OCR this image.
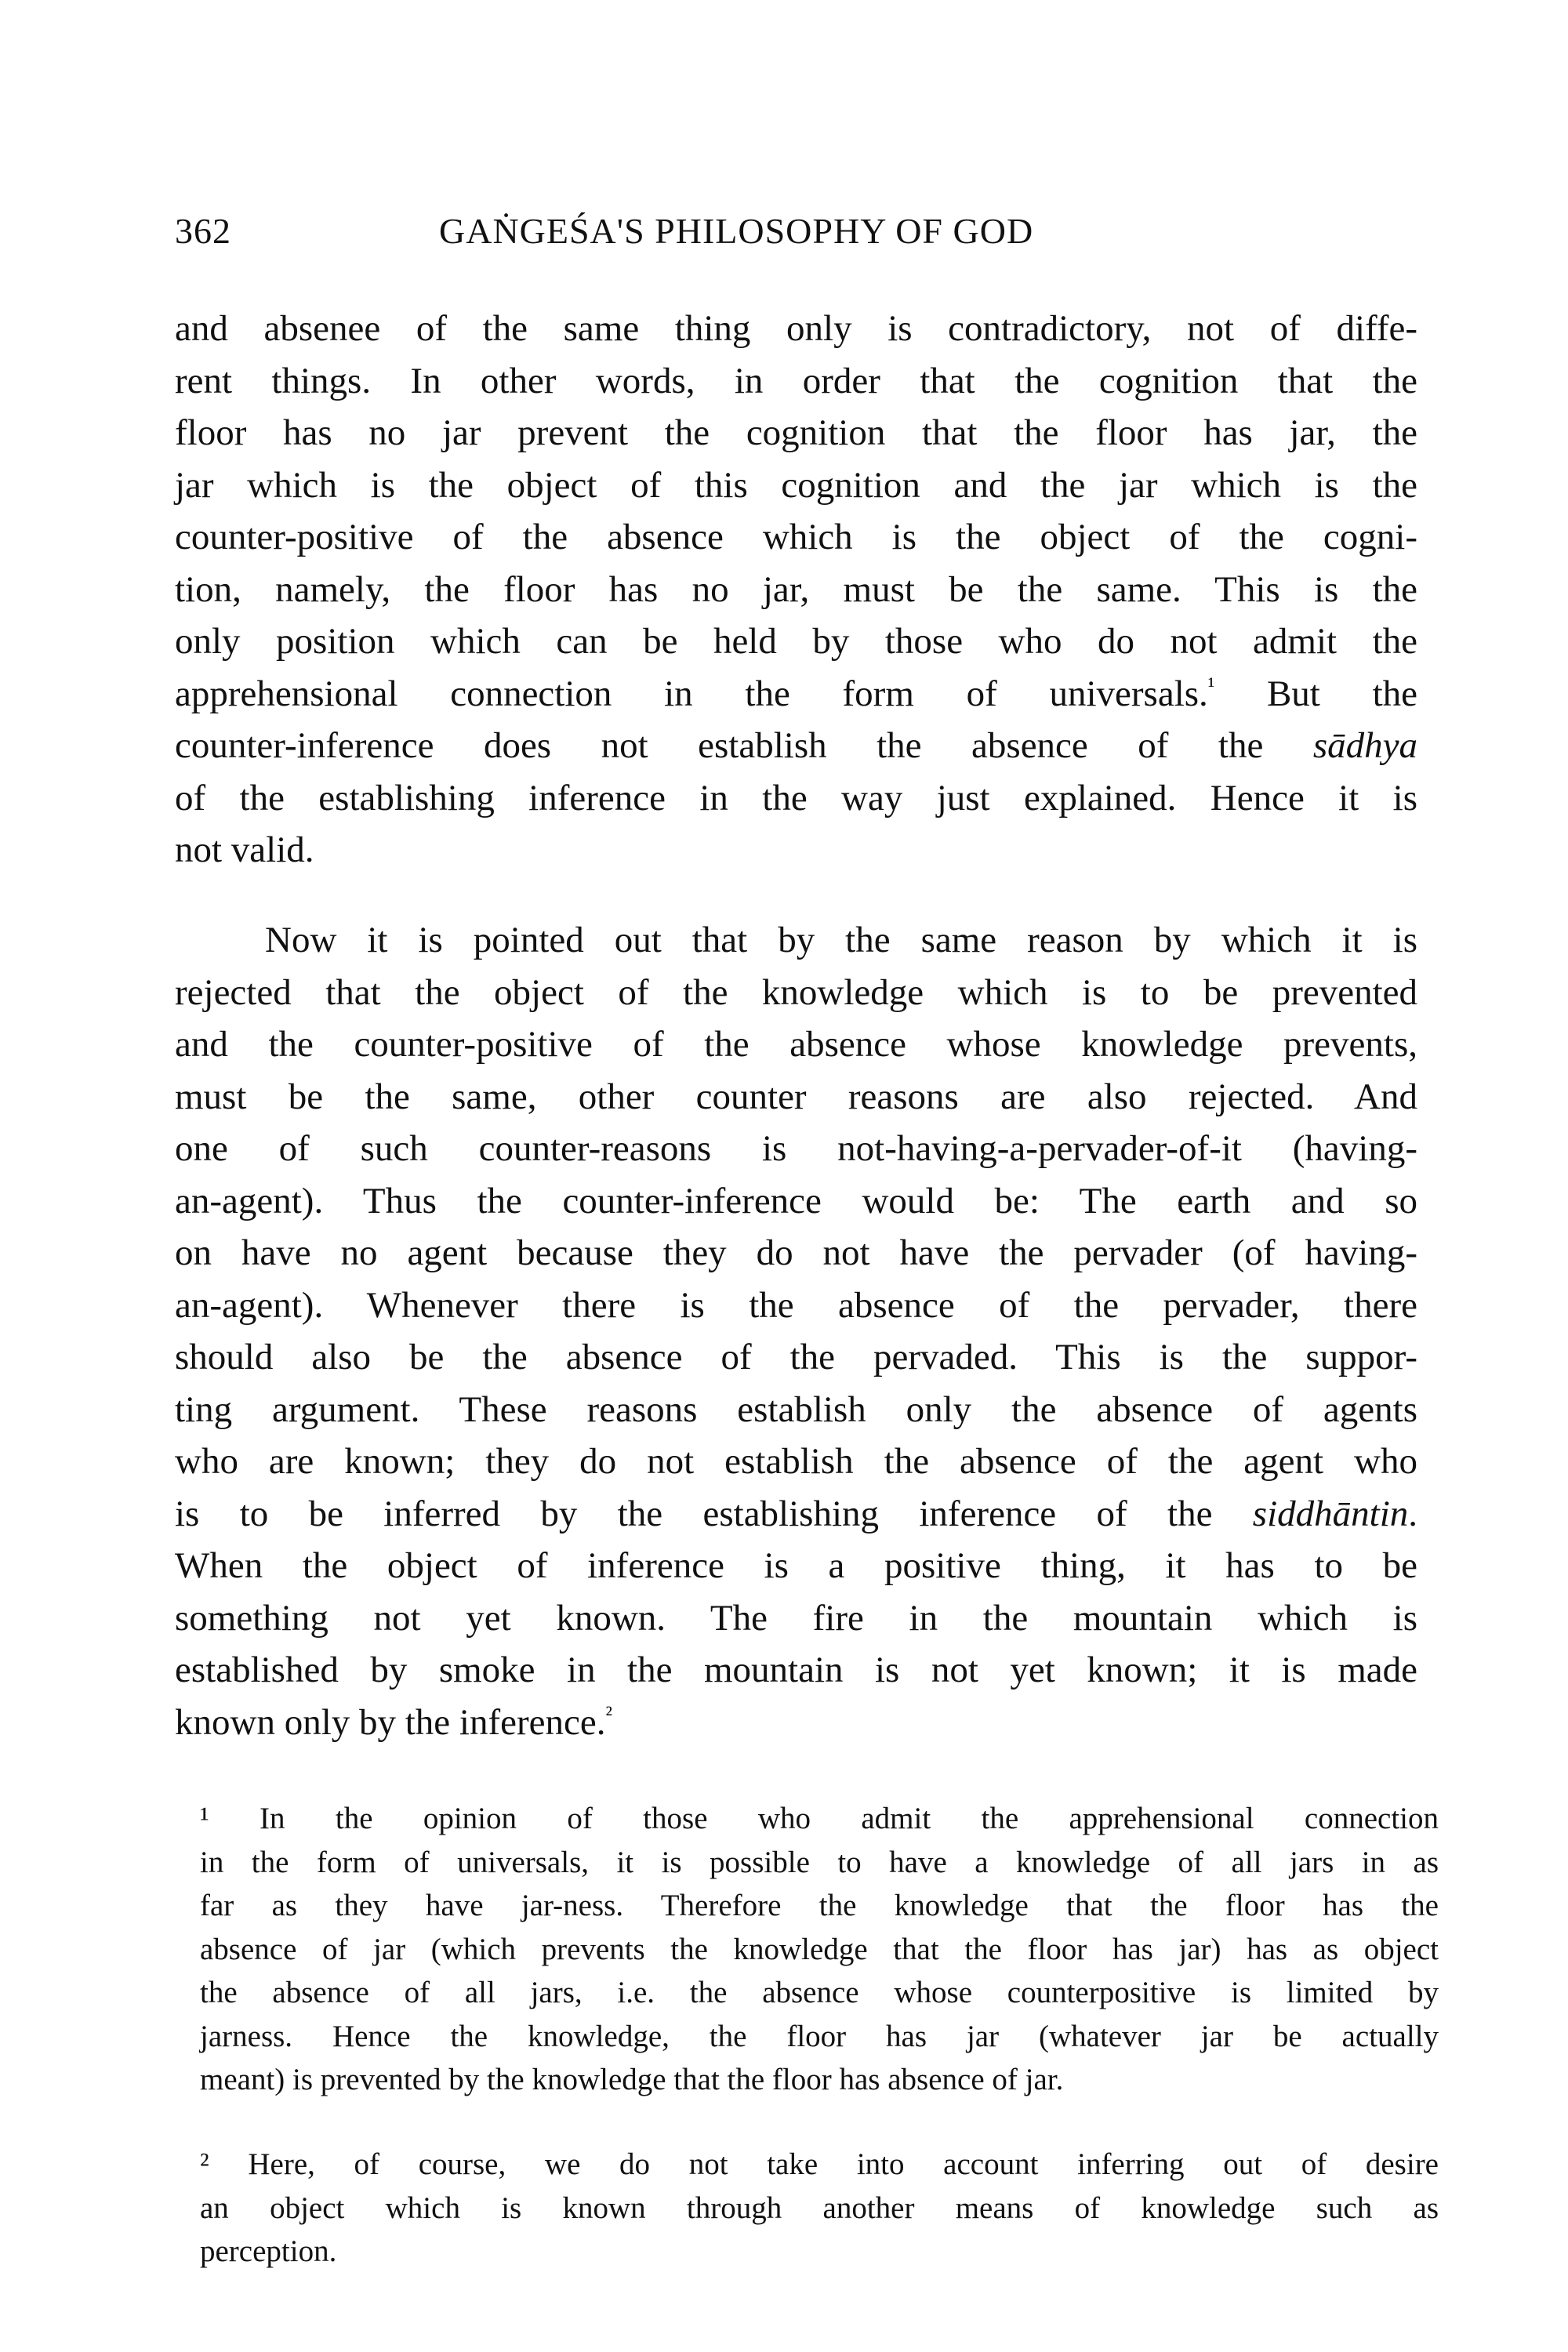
362	GAṄGEŚA'S PHILOSOPHY OF GOD
and absenee of the same thing only is contradictory, not of diffe-
rent things. In other words, in order that the cognition that the
floor has no jar prevent the cognition that the floor has jar, the
jar which is the object of this cognition and the jar which is the
counter-positive of the absence which is the object of the cogni-
tion, namely, the floor has no jar, must be the same. This is the
only position which can be held by those who do not admit the
apprehensional connection in the form of universals.$^{^1}$ But the
counter-inference does not establish the absence of the sādhya
of the establishing inference in the way just explained. Hence it is
not valid.
Now it is pointed out that by the same reason by which it is
rejected that the object of the knowledge which is to be prevented
and the counter-positive of the absence whose knowledge prevents,
must be the same, other counter reasons are also rejected. And
one of such counter-reasons is not-having-a-pervader-of-it (having-
an-agent). Thus the counter-inference would be: The earth and so
on have no agent because they do not have the pervader (of having-
an-agent). Whenever there is the absence of the pervader, there
should also be the absence of the pervaded. This is the suppor-
ting argument. These reasons establish only the absence of agents
who are known; they do not establish the absence of the agent who
is to be inferred by the establishing inference of the siddhāntin.
When the object of inference is a positive thing, it has to be
something not yet known. The fire in the mountain which is
established by smoke in the mountain is not yet known; it is made
known only by the inference.$^{^2}$
¹ In the opinion of those who admit the apprehensional connection
in the form of universals, it is possible to have a knowledge of all jars in as
far as they have jar-ness. Therefore the knowledge that the floor has the
absence of jar (which prevents the knowledge that the floor has jar) has as object
the absence of all jars, i.e. the absence whose counterpositive is limited by
jarness. Hence the knowledge, the floor has jar (whatever jar be actually
meant) is prevented by the knowledge that the floor has absence of jar.
² Here, of course, we do not take into account inferring out of desire
an object which is known through another means of knowledge such as
perception.
